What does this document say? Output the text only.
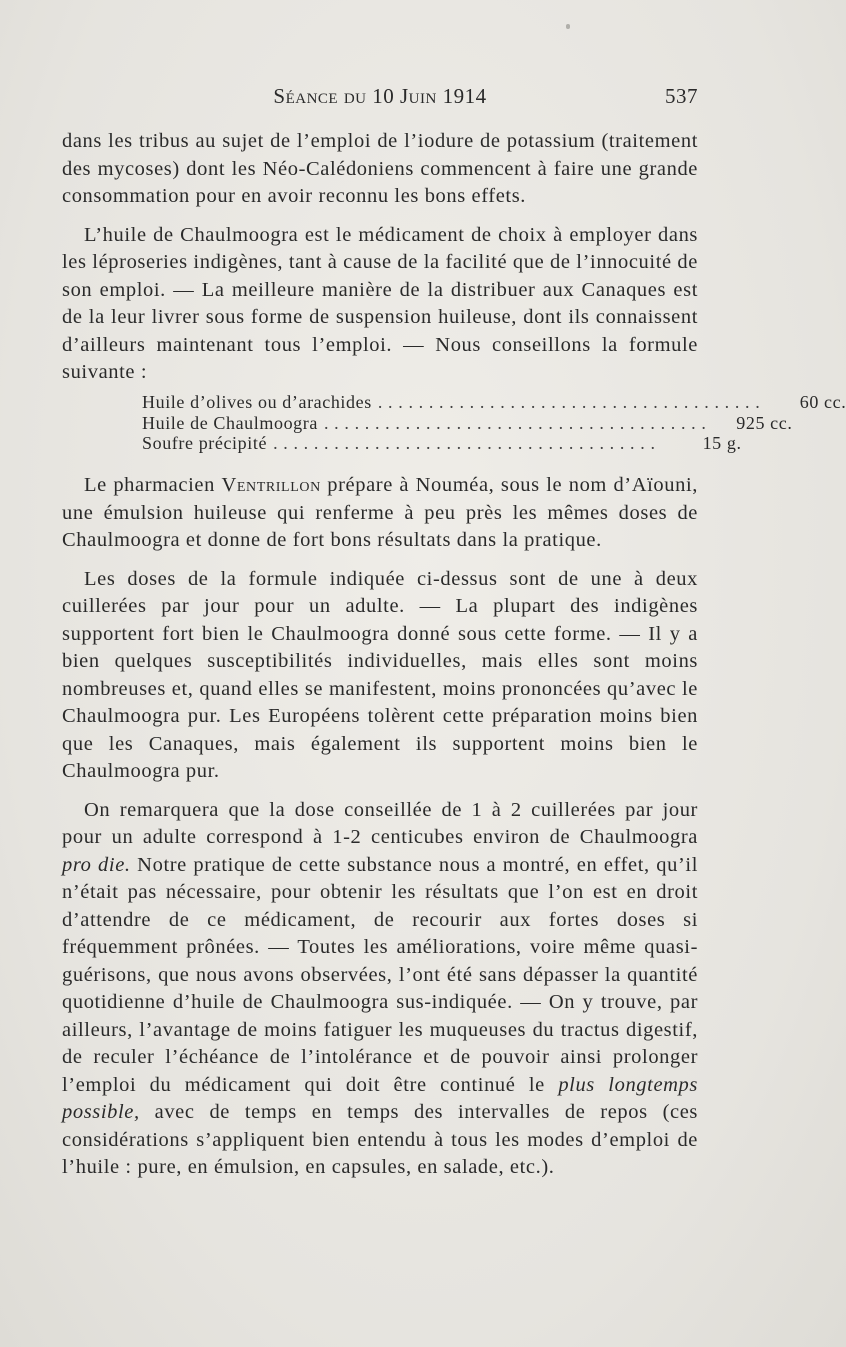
Séance du 10 Juin 1914	537

dans les tribus au sujet de l’emploi de l’iodure de potassium (traitement des mycoses) dont les Néo-Calédoniens commencent à faire une grande consommation pour en avoir reconnu les bons effets.

L’huile de Chaulmoogra est le médicament de choix à employer dans les léproseries indigènes, tant à cause de la facilité que de l’innocuité de son emploi. — La meilleure manière de la distribuer aux Canaques est de la leur livrer sous forme de suspension huileuse, dont ils connaissent d’ailleurs maintenant tous l’emploi. — Nous conseillons la formule suivante :

Huile d’olives ou d’arachides . . . . . . . . . . . . . . . . . . . . . . . . . . . . . . . . . . . . . .	60 cc.
Huile de Chaulmoogra . . . . . . . . . . . . . . . . . . . . . . . . . . . . . . . . . . . . . .	925 cc.
Soufre précipité . . . . . . . . . . . . . . . . . . . . . . . . . . . . . . . . . . . . . .	15 g.

Le pharmacien Ventrillon prépare à Nouméa, sous le nom d’Aïouni, une émulsion huileuse qui renferme à peu près les mêmes doses de Chaulmoogra et donne de fort bons résultats dans la pratique.

Les doses de la formule indiquée ci-dessus sont de une à deux cuillerées par jour pour un adulte. — La plupart des indigènes supportent fort bien le Chaulmoogra donné sous cette forme. — Il y a bien quelques susceptibilités individuelles, mais elles sont moins nombreuses et, quand elles se manifestent, moins prononcées qu’avec le Chaulmoogra pur. Les Européens tolèrent cette préparation moins bien que les Canaques, mais également ils supportent moins bien le Chaulmoogra pur.

On remarquera que la dose conseillée de 1 à 2 cuillerées par jour pour un adulte correspond à 1-2 centicubes environ de Chaulmoogra pro die. Notre pratique de cette substance nous a montré, en effet, qu’il n’était pas nécessaire, pour obtenir les résultats que l’on est en droit d’attendre de ce médicament, de recourir aux fortes doses si fréquemment prônées. — Toutes les améliorations, voire même quasi-guérisons, que nous avons observées, l’ont été sans dépasser la quantité quotidienne d’huile de Chaulmoogra sus-indiquée. — On y trouve, par ailleurs, l’avantage de moins fatiguer les muqueuses du tractus digestif, de reculer l’échéance de l’intolérance et de pouvoir ainsi prolonger l’emploi du médicament qui doit être continué le plus longtemps possible, avec de temps en temps des intervalles de repos (ces considérations s’appliquent bien entendu à tous les modes d’emploi de l’huile : pure, en émulsion, en capsules, en salade, etc.).
